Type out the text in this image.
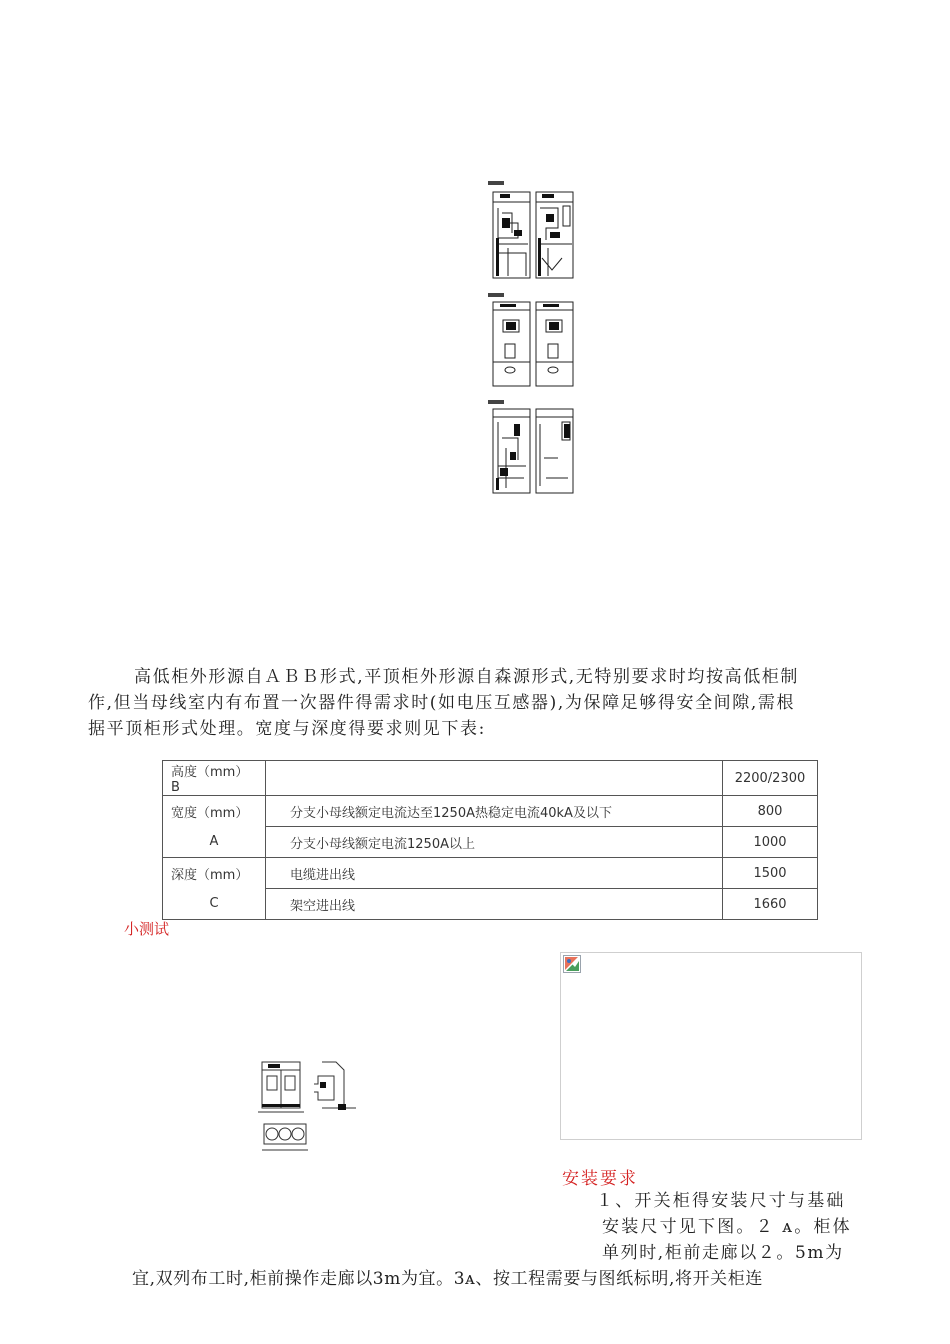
高低柜外形源自ＡＢＢ形式,平顶柜外形源自森源形式,无特别要求时均按高低柜制
作,但当母线室内有布置一次器件得需求时(如电压互感器),为保障足够得安全间隙,需根
据平顶柜形式处理。宽度与深度得要求则见下表:
高度（mm）B		2200/2300
宽度（mm）	分支小母线额定电流达至1250A热稳定电流40kA及以下	800
A	分支小母线额定电流1250A以上	1000
深度（mm）	电缆进出线	1500
C	架空进出线	1660
小测试
安装要求
１、开关柜得安装尺寸与基础
安装尺寸见下图。２ ᴀ。柜体
单列时,柜前走廊以２。5m为
宜,双列布工时,柜前操作走廊以3m为宜。3ᴀ、按工程需要与图纸标明,将开关柜连
